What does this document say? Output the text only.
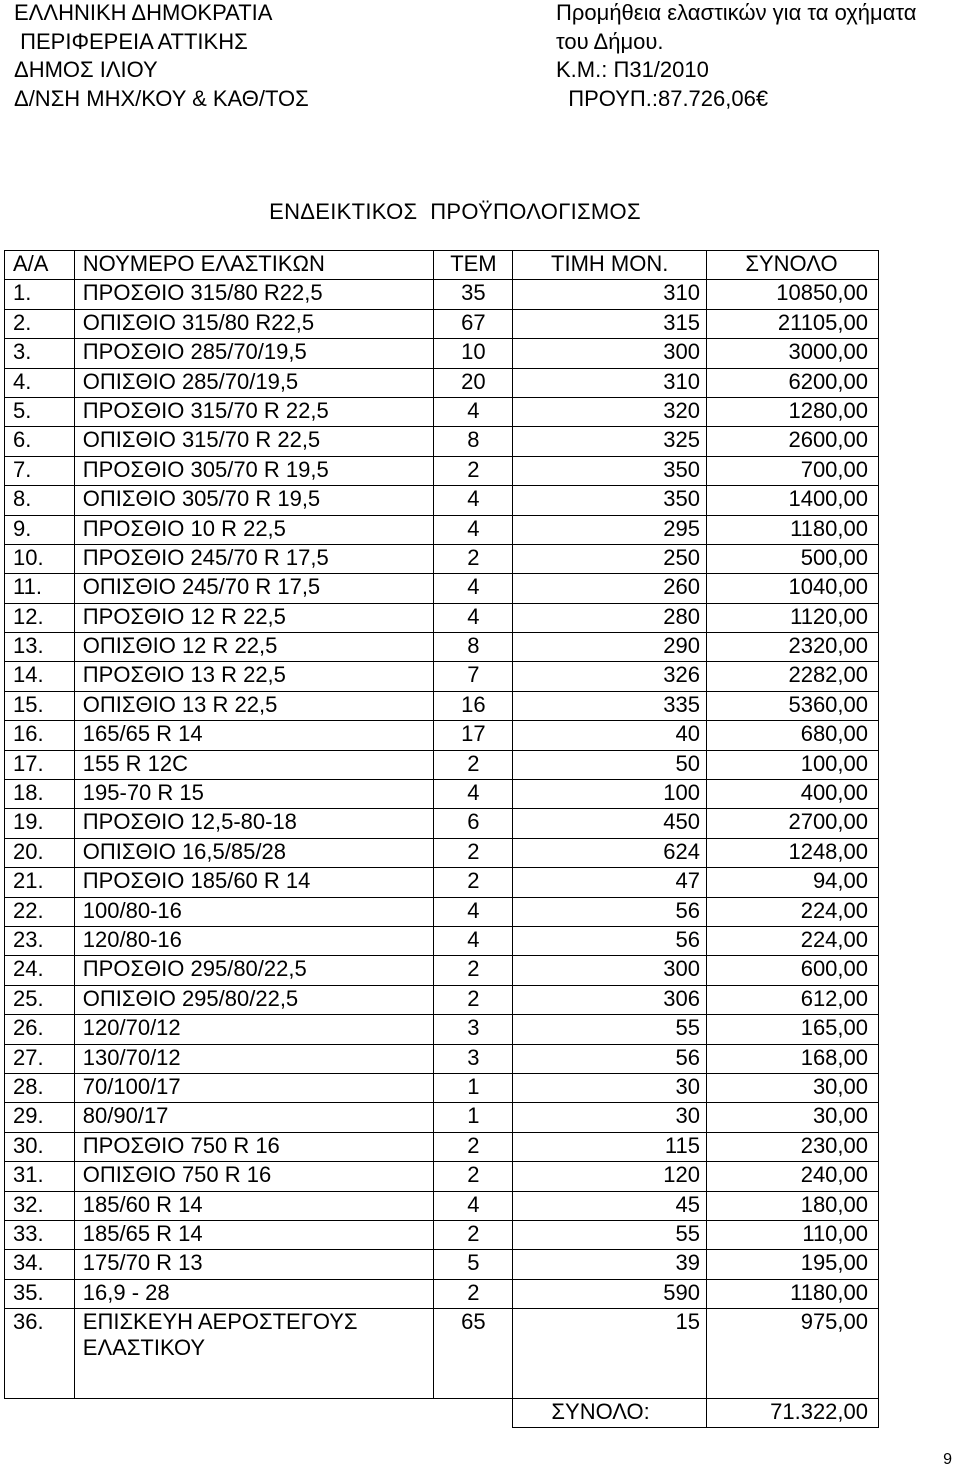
ΕΛΛΗΝΙΚΗ ΔΗΜΟΚΡΑΤΙΑ
ΠΕΡΙΦΕΡΕΙΑ ΑΤΤΙΚΗΣ
ΔΗΜΟΣ ΙΛΙΟΥ
Δ/ΝΣΗ ΜΗΧ/ΚΟΥ & ΚΑΘ/ΤΟΣ
Προμήθεια ελαστικών για τα οχήματα
του Δήμου.
Κ.Μ.: Π31/2010
ΠΡΟΥΠ.:87.726,06€
ΕΝΔΕΙΚΤΙΚΟΣ  ΠΡΟΫΠΟΛΟΓΙΣΜΟΣ
Α/Α	ΝΟΥΜΕΡΟ ΕΛΑΣΤΙΚΩΝ	ΤΕΜ	ΤΙΜΗ ΜΟΝ.	ΣΥΝΟΛΟ
1.	ΠΡΟΣΘΙΟ 315/80 R22,5	35	310	10850,00
2.	ΟΠΙΣΘΙΟ 315/80 R22,5	67	315	21105,00
3.	ΠΡΟΣΘΙΟ 285/70/19,5	10	300	3000,00
4.	ΟΠΙΣΘΙΟ 285/70/19,5	20	310	6200,00
5.	ΠΡΟΣΘΙΟ 315/70 R 22,5	4	320	1280,00
6.	ΟΠΙΣΘΙΟ 315/70 R 22,5	8	325	2600,00
7.	ΠΡΟΣΘΙΟ 305/70 R 19,5	2	350	700,00
8.	ΟΠΙΣΘΙΟ 305/70 R 19,5	4	350	1400,00
9.	ΠΡΟΣΘΙΟ 10 R 22,5	4	295	1180,00
10.	ΠΡΟΣΘΙΟ 245/70 R 17,5	2	250	500,00
11.	ΟΠΙΣΘΙΟ 245/70 R 17,5	4	260	1040,00
12.	ΠΡΟΣΘΙΟ 12 R 22,5	4	280	1120,00
13.	ΟΠΙΣΘΙΟ 12 R 22,5	8	290	2320,00
14.	ΠΡΟΣΘΙΟ 13 R 22,5	7	326	2282,00
15.	ΟΠΙΣΘΙΟ 13 R 22,5	16	335	5360,00
16.	165/65 R 14	17	40	680,00
17.	155 R 12C	2	50	100,00
18.	195-70 R 15	4	100	400,00
19.	ΠΡΟΣΘΙΟ 12,5-80-18	6	450	2700,00
20.	ΟΠΙΣΘΙΟ 16,5/85/28	2	624	1248,00
21.	ΠΡΟΣΘΙΟ 185/60 R 14	2	47	94,00
22.	100/80-16	4	56	224,00
23.	120/80-16	4	56	224,00
24.	ΠΡΟΣΘΙΟ 295/80/22,5	2	300	600,00
25.	ΟΠΙΣΘΙΟ 295/80/22,5	2	306	612,00
26.	120/70/12	3	55	165,00
27.	130/70/12	3	56	168,00
28.	70/100/17	1	30	30,00
29.	80/90/17	1	30	30,00
30.	ΠΡΟΣΘΙΟ 750 R 16	2	115	230,00
31.	ΟΠΙΣΘΙΟ 750 R 16	2	120	240,00
32.	185/60 R 14	4	45	180,00
33.	185/65 R 14	2	55	110,00
34.	175/70 R 13	5	39	195,00
35.	16,9 - 28	2	590	1180,00
36.	ΕΠΙΣΚΕΥΗ ΑΕΡΟΣΤΕΓΟΥΣ ΕΛΑΣΤΙΚΟΥ	65	15	975,00
			ΣΥΝΟΛΟ:	71.322,00
9
